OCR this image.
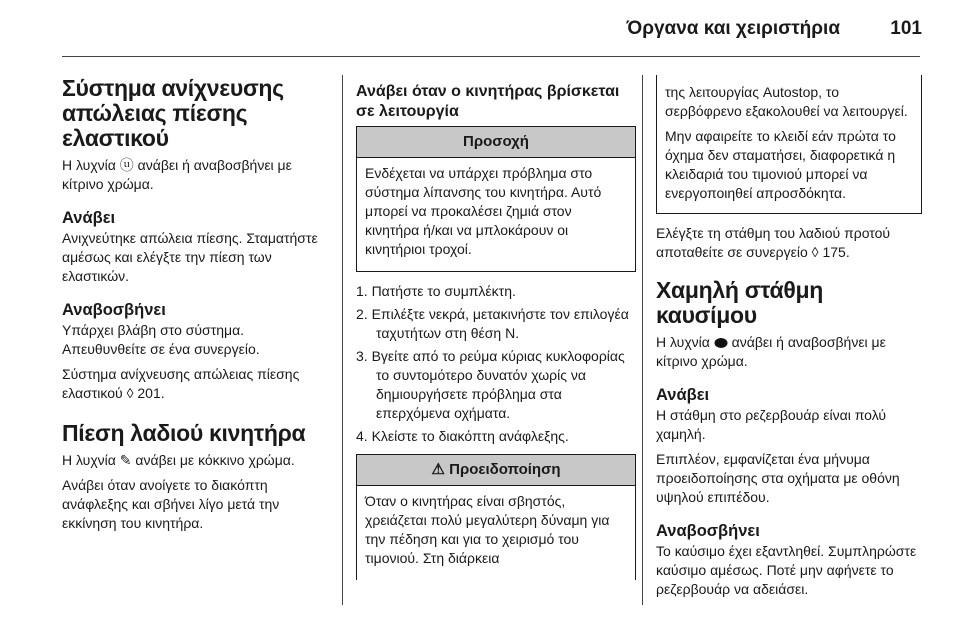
Όργανα και χειριστήρια	101
Σύστημα ανίχνευσης απώλειας πίεσης ελαστικού

Η λυχνία ⓤ ανάβει ή αναβοσβήνει με κίτρινο χρώμα.

Ανάβει

Ανιχνεύτηκε απώλεια πίεσης. Σταματήστε αμέσως και ελέγξτε την πίεση των ελαστικών.

Αναβοσβήνει

Υπάρχει βλάβη στο σύστημα. Απευθυνθείτε σε ένα συνεργείο.

Σύστημα ανίχνευσης απώλειας πίεσης ελαστικού ◊ 201.

Πίεση λαδιού κινητήρα

Η λυχνία ✎ ανάβει με κόκκινο χρώμα.

Ανάβει όταν ανοίγετε το διακόπτη ανάφλεξης και σβήνει λίγο μετά την εκκίνηση του κινητήρα.

Ανάβει όταν ο κινητήρας βρίσκεται σε λειτουργία
Προσοχή

Ενδέχεται να υπάρχει πρόβλημα στο σύστημα λίπανσης του κινητήρα. Αυτό μπορεί να προκαλέσει ζημιά στον κινητήρα ή/και να μπλοκάρουν οι κινητήριοι τροχοί.

1. Πατήστε το συμπλέκτη.
2. Επιλέξτε νεκρά, μετακινήστε τον επιλογέα ταχυτήτων στη θέση N.
3. Βγείτε από το ρεύμα κύριας κυκλοφορίας το συντομότερο δυνατόν χωρίς να δημιουργήσετε πρόβλημα στα επερχόμενα οχήματα.
4. Κλείστε το διακόπτη ανάφλεξης.
⚠ Προειδοποίηση

Όταν ο κινητήρας είναι σβηστός, χρειάζεται πολύ μεγαλύτερη δύναμη για την πέδηση και για το χειρισμό του τιμονιού. Στη διάρκεια

της λειτουργίας Autostop, το σερβόφρενο εξακολουθεί να λειτουργεί.

Μην αφαιρείτε το κλειδί εάν πρώτα το όχημα δεν σταματήσει, διαφορετικά η κλειδαριά του τιμονιού μπορεί να ενεργοποιηθεί απροσδόκητα.

Ελέγξτε τη στάθμη του λαδιού προτού αποταθείτε σε συνεργείο ◊ 175.

Χαμηλή στάθμη καυσίμου

Η λυχνία ανάβει ή αναβοσβήνει με κίτρινο χρώμα.

Ανάβει

Η στάθμη στο ρεζερβουάρ είναι πολύ χαμηλή.

Επιπλέον, εμφανίζεται ένα μήνυμα προειδοποίησης στα οχήματα με οθόνη υψηλού επιπέδου.

Αναβοσβήνει

Το καύσιμο έχει εξαντληθεί. Συμπληρώστε καύσιμο αμέσως. Ποτέ μην αφήνετε το ρεζερβουάρ να αδειάσει.
